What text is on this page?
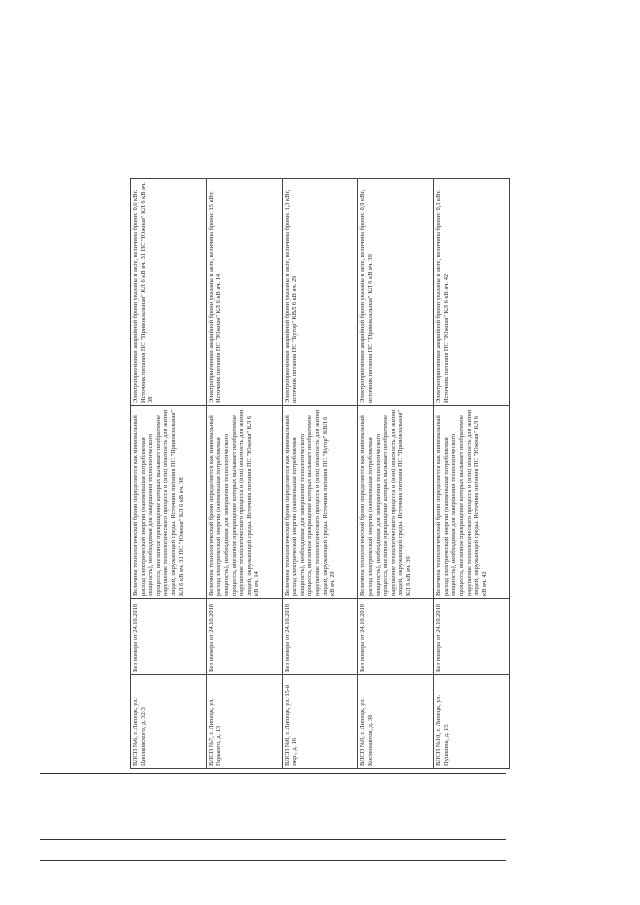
ВЛСП №6, г. Липецк, ул. Циолковского, д. 32/3	Без номера от 24.10.2018	Величина технологической брони определяется как минимальный расход электрической энергии (наименьшая потребляемая мощность), необходимая для завершения технологического процесса, внезапное прекращение которых вызывает необратимое нарушение технологического процесса и (или) опасность для жизни людей, окружающей среды. Источник питания ПС "Привокзальная" КЛ 6 кВ яч. 31 ПС "Южная" КЛ 6 кВ яч. 38	Электроприемники аварийной брони указаны в акте, величина брони: 0,6 кВт. Источник питания ПС "Привокзальная" КЛ 6 кВ яч. 31 ПС "Южная" КЛ 6 кВ яч. 38
ВЛСП №7, г. Липецк, ул. Горького, д. 13	Без номера от 24.10.2018	Величина технологической брони определяется как минимальный расход электрической энергии (наименьшая потребляемая мощность), необходимая для завершения технологического процесса, внезапное прекращение которых вызывает необратимое нарушение технологического процесса и (или) опасность для жизни людей, окружающей среды. Источник питания ПС "Южная" КЛ 6 кВ яч. 14	Электроприемники аварийной брони указаны в акте, величина брони: 15 кВт. Источник питания ПС "Южная" КЛ 6 кВ яч. 14
ВЛСП №8, г. Липецк, ул. 15-й мкр., д. 16	Без номера от 24.10.2018	Величина технологической брони определяется как минимальный расход электрической энергии (наименьшая потребляемая мощность), необходимая для завершения технологического процесса, внезапное прекращение которых вызывает необратимое нарушение технологического процесса и (или) опасность для жизни людей, окружающей среды. Источник питания ПС "Бугор" КВЛ 6 кВ яч. 29	Электроприемники аварийной брони указаны в акте, величина брони: 1,3 кВт, источник питания ПС "Бугор" КВЛ 6 кВ яч. 29
ВЛСП №9, г. Липецк, ул. Космонавтов, д. 36	Без номера от 24.10.2018	Величина технологической брони определяется как минимальный расход электрической энергии (наименьшая потребляемая мощность), необходимая для завершения технологического процесса, внезапное прекращение которых вызывает необратимое нарушение технологического процесса и (или) опасность для жизни людей, окружающей среды. Источник питания ПС "Привокзальная" КЛ 6 кВ яч. 39	Электроприемники аварийной брони указаны в акте, величина брони: 0,9 кВт, источник питания ПС "Привокзальная" КЛ 6 кВ яч. 39
ВЛСП №10, г. Липецк, ул. Пушкина, д. 15	Без номера от 24.10.2018	Величина технологической брони определяется как минимальный расход электрической энергии (наименьшая потребляемая мощность), необходимая для завершения технологического процесса, внезапное прекращение которых вызывает необратимое нарушение технологического процесса и (или) опасность для жизни людей, окружающей среды. Источник питания ПС "Южная" КЛ 6 кВ яч. 42	Электроприемники аварийной брони указаны в акте, величина брони: 0,3 кВт. Источник питания ПС "Южная" КЛ 6 кВ яч. 42
